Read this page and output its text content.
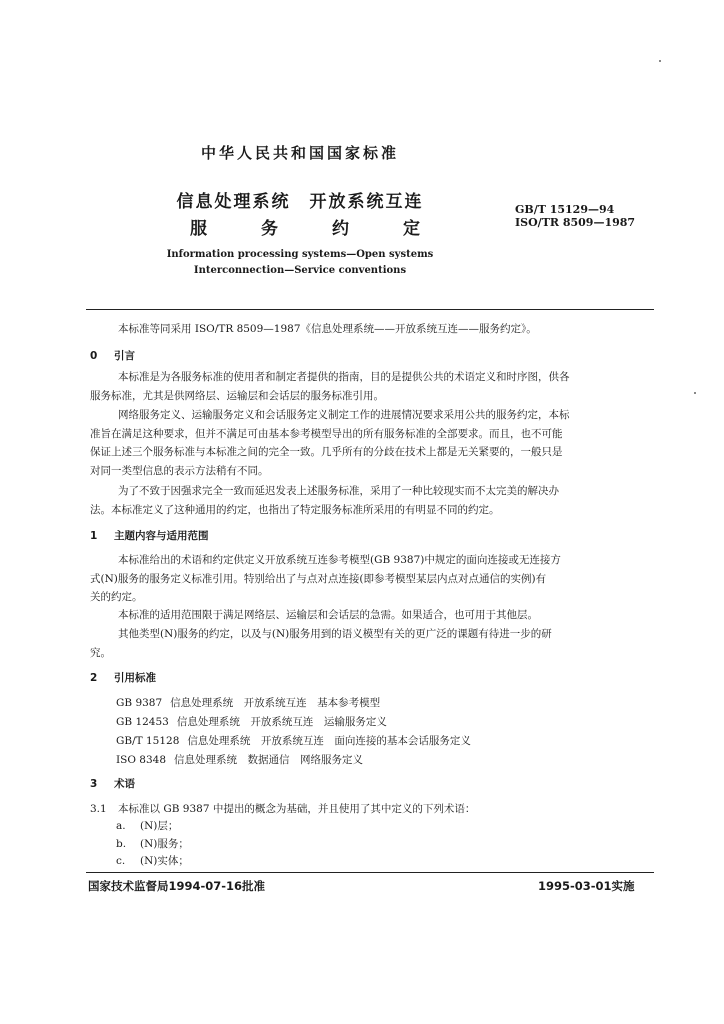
中华人民共和国国家标准
信息处理系统　开放系统互连
服	务	约	定
GB/T 15129—94
ISO/TR 8509—1987
Information processing systems—Open systems
Interconnection—Service conventions
本标准等同采用 ISO/TR 8509—1987《信息处理系统——开放系统互连——服务约定》。
0 引言
本标准是为各服务标准的使用者和制定者提供的指南，目的是提供公共的术语定义和时序图，供各
服务标准，尤其是供网络层、运输层和会话层的服务标准引用。
网络服务定义、运输服务定义和会话服务定义制定工作的进展情况要求采用公共的服务约定，本标
准旨在满足这种要求，但并不满足可由基本参考模型导出的所有服务标准的全部要求。而且，也不可能
保证上述三个服务标准与本标准之间的完全一致。几乎所有的分歧在技术上都是无关紧要的，一般只是
对同一类型信息的表示方法稍有不同。
为了不致于因强求完全一致而延迟发表上述服务标准，采用了一种比较现实而不太完美的解决办
法。本标准定义了这种通用的约定，也指出了特定服务标准所采用的有明显不同的约定。
1 主题内容与适用范围
本标准给出的术语和约定供定义开放系统互连参考模型(GB 9387)中规定的面向连接或无连接方
式(N)服务的服务定义标准引用。特别给出了与点对点连接(即参考模型某层内点对点通信的实例)有
关的约定。
本标准的适用范围限于满足网络层、运输层和会话层的急需。如果适合，也可用于其他层。
其他类型(N)服务的约定，以及与(N)服务用到的语义模型有关的更广泛的课题有待进一步的研
究。
2 引用标准
GB 9387 信息处理系统　开放系统互连　基本参考模型
GB 12453 信息处理系统　开放系统互连　运输服务定义
GB/T 15128 信息处理系统　开放系统互连　面向连接的基本会话服务定义
ISO 8348 信息处理系统　数据通信　网络服务定义
3 术语
3.1 本标准以 GB 9387 中提出的概念为基础，并且使用了其中定义的下列术语：
a. (N)层；
b. (N)服务；
c. (N)实体；
国家技术监督局1994-07-16批准	1995-03-01实施
